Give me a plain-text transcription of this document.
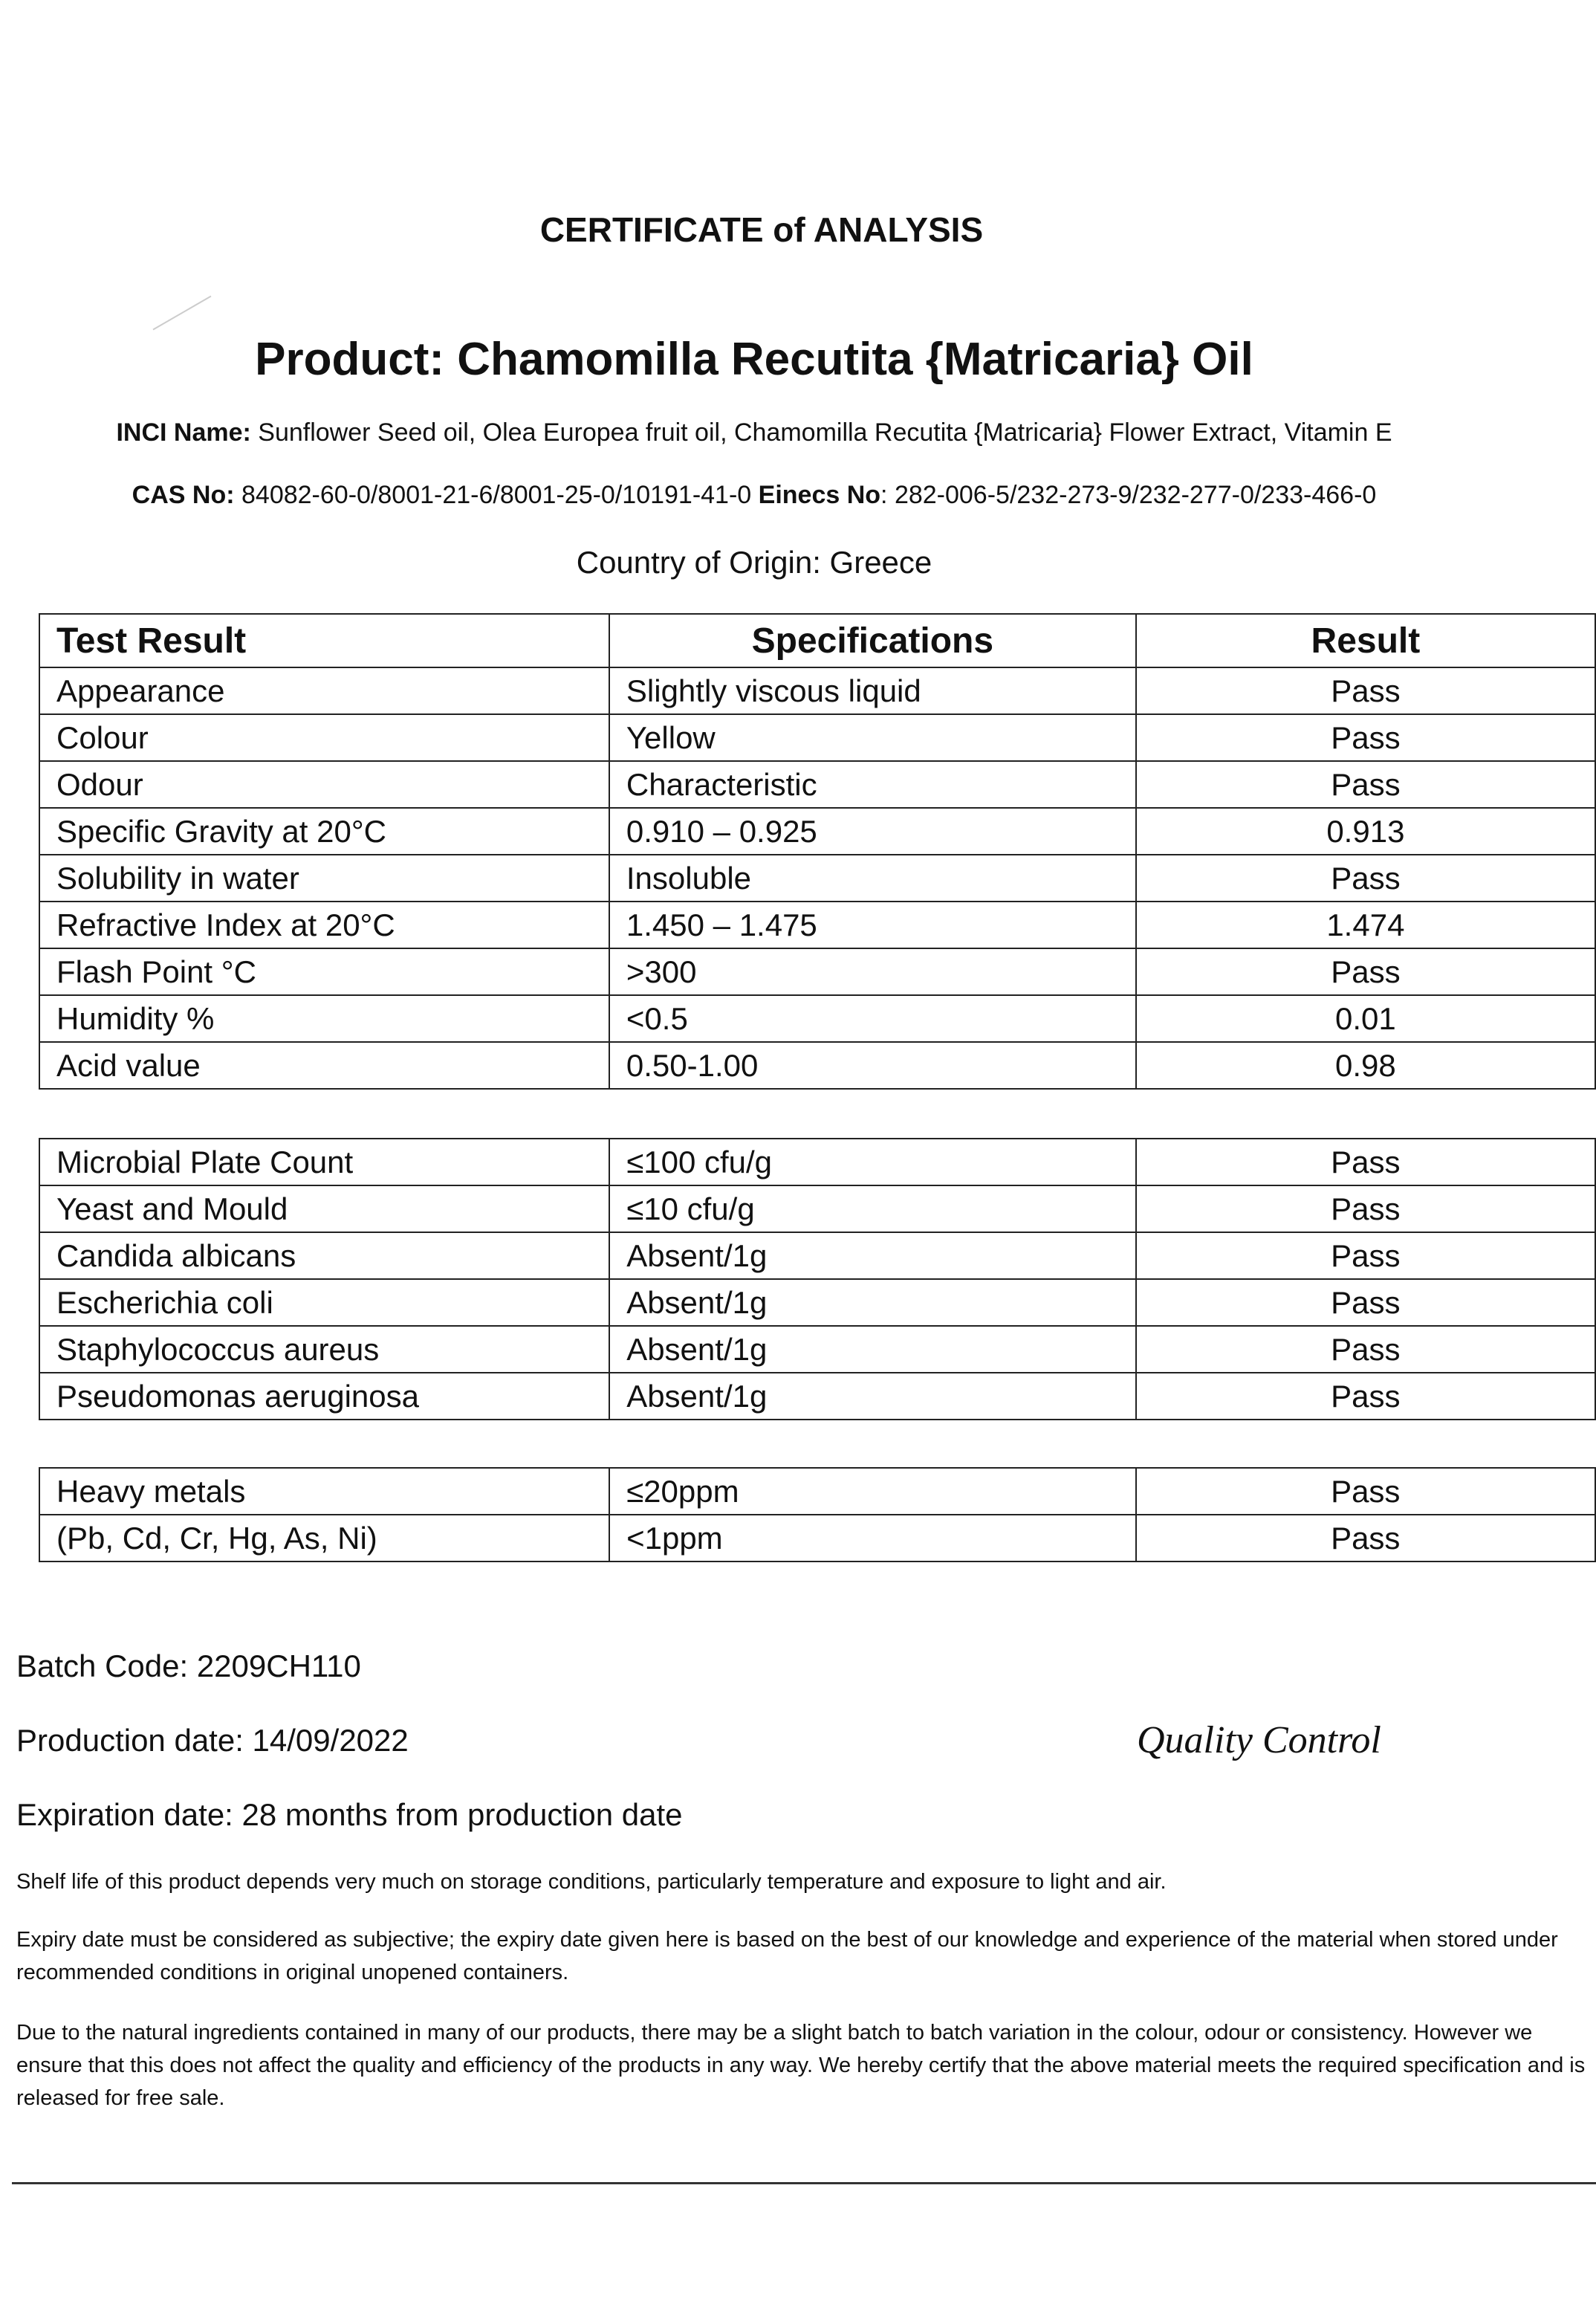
CERTIFICATE of ANALYSIS
Product: Chamomilla Recutita {Matricaria} Oil
INCI Name: Sunflower Seed oil, Olea Europea fruit oil, Chamomilla Recutita {Matricaria} Flower Extract, Vitamin E
CAS No: 84082-60-0/8001-21-6/8001-25-0/10191-41-0 Einecs No: 282-006-5/232-273-9/232-277-0/233-466-0
Country of Origin: Greece
Test Result	Specifications	Result
Appearance	Slightly viscous liquid	Pass
Colour	Yellow	Pass
Odour	Characteristic	Pass
Specific Gravity at 20°C	0.910 – 0.925	0.913
Solubility in water	Insoluble	Pass
Refractive Index at 20°C	1.450 – 1.475	1.474
Flash Point °C	>300	Pass
Humidity %	<0.5	0.01
Acid value	0.50-1.00	0.98
Microbial Plate Count	≤100 cfu/g	Pass
Yeast and Mould	≤10 cfu/g	Pass
Candida albicans	Absent/1g	Pass
Escherichia coli	Absent/1g	Pass
Staphylococcus aureus	Absent/1g	Pass
Pseudomonas aeruginosa	Absent/1g	Pass
Heavy metals	≤20ppm	Pass
(Pb, Cd, Cr, Hg, As, Ni)	<1ppm	Pass
Batch Code: 2209CH110
Production date: 14/09/2022	Quality Control
Expiration date: 28 months from production date
Shelf life of this product depends very much on storage conditions, particularly temperature and exposure to light and air.
Expiry date must be considered as subjective; the expiry date given here is based on the best of our knowledge and experience of the material when stored under recommended conditions in original unopened containers.
Due to the natural ingredients contained in many of our products, there may be a slight batch to batch variation in the colour, odour or consistency. However we ensure that this does not affect the quality and efficiency of the products in any way. We hereby certify that the above material meets the required specification and is released for free sale.
